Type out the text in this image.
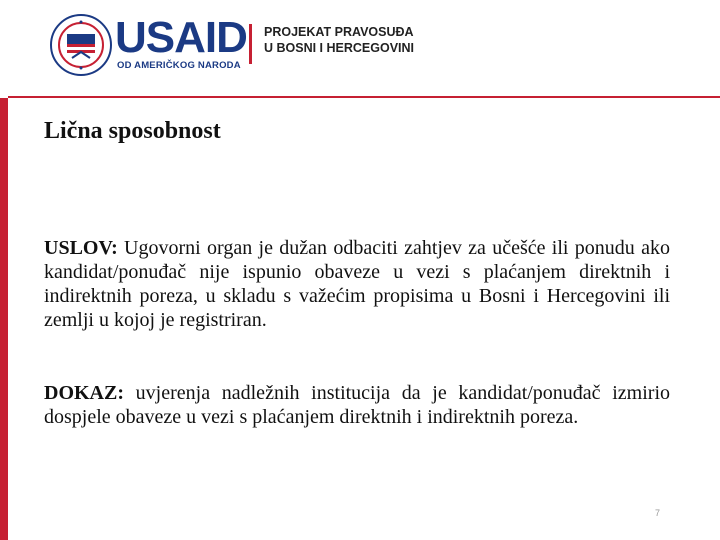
USAID
OD AMERIČKOG NARODA
PROJEKAT PRAVOSUĐA
U BOSNI I HERCEGOVINI
Lična sposobnost
USLOV: Ugovorni organ je dužan odbaciti zahtjev za učešće ili ponudu ako kandidat/ponuđač nije ispunio obaveze u vezi s plaćanjem direktnih i indirektnih poreza, u skladu s važećim propisima u Bosni i Hercegovini ili zemlji u kojoj je registriran.
DOKAZ: uvjerenja nadležnih institucija da je kandidat/ponuđač izmirio dospjele obaveze u vezi s plaćanjem direktnih i indirektnih poreza.
7
